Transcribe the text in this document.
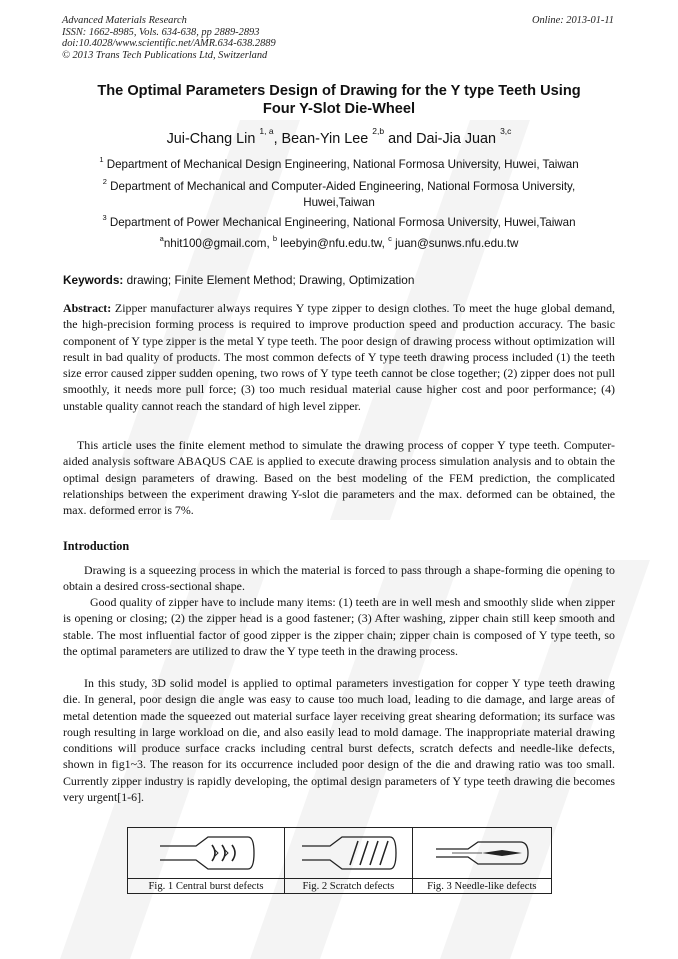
Advanced Materials Research
ISSN: 1662-8985, Vols. 634-638, pp 2889-2893
doi:10.4028/www.scientific.net/AMR.634-638.2889
© 2013 Trans Tech Publications Ltd, Switzerland
Online: 2013-01-11
The Optimal Parameters Design of Drawing for the Y type Teeth Using
Four Y-Slot Die-Wheel
Jui-Chang Lin $^{1, a}$, Bean-Yin Lee $^{2,b}$ and Dai-Jia Juan $^{3,c}$
$^1$ Department of Mechanical Design Engineering, National Formosa University, Huwei, Taiwan
$^2$ Department of Mechanical and Computer-Aided Engineering, National Formosa University,
Huwei,Taiwan
$^3$ Department of Power Mechanical Engineering, National Formosa University, Huwei,Taiwan
$^a$nhit100@gmail.com, $^b$ leebyin@nfu.edu.tw, $^c$ juan@sunws.nfu.edu.tw
Keywords: drawing; Finite Element Method; Drawing, Optimization
Abstract: Zipper manufacturer always requires Y type zipper to design clothes. To meet the huge global demand, the high-precision forming process is required to improve production speed and production accuracy. The basic component of Y type zipper is the metal Y type teeth. The poor design of drawing process without optimization will result in bad quality of products. The most common defects of Y type teeth drawing process included (1) the teeth size error caused zipper sudden opening, two rows of Y type teeth cannot be close together; (2) zipper does not pull smoothly, it needs more pull force; (3) too much residual material cause higher cost and poor performance; (4) unstable quality cannot reach the standard of high level zipper.
This article uses the finite element method to simulate the drawing process of copper Y type teeth. Computer-aided analysis software ABAQUS CAE is applied to execute drawing process simulation analysis and to obtain the optimal design parameters of drawing. Based on the best modeling of the FEM prediction, the complicated relationships between the experiment drawing Y-slot die parameters and the max. deformed can be obtained, the max. deformed error is 7%.
Introduction
Drawing is a squeezing process in which the material is forced to pass through a shape-forming die opening to obtain a desired cross-sectional shape.
Good quality of zipper have to include many items: (1) teeth are in well mesh and smoothly slide when zipper is opening or closing; (2) the zipper head is a good fastener; (3) After washing, zipper chain still keep smooth and stable. The most influential factor of good zipper is the zipper chain; zipper chain is composed of Y type teeth, so the optimal parameters are utilized to draw the Y type teeth in the drawing process.
In this study, 3D solid model is applied to optimal parameters investigation for copper Y type teeth drawing die. In general, poor design die angle was easy to cause too much load, leading to die damage, and large areas of metal detention made the squeezed out material surface layer receiving great shearing deformation; its surface was rough resulting in large workload on die, and also easily lead to mold damage. The inappropriate material drawing conditions will produce surface cracks including central burst defects, scratch defects and needle-like defects, shown in fig1~3. The reason for its occurrence included poor design of the die and drawing ratio was too small. Currently zipper industry is rapidly developing, the optimal design parameters of Y type teeth drawing die becomes very urgent[1-6].

Fig. 1 Central burst defects	Fig. 2 Scratch defects	Fig. 3 Needle-like defects
